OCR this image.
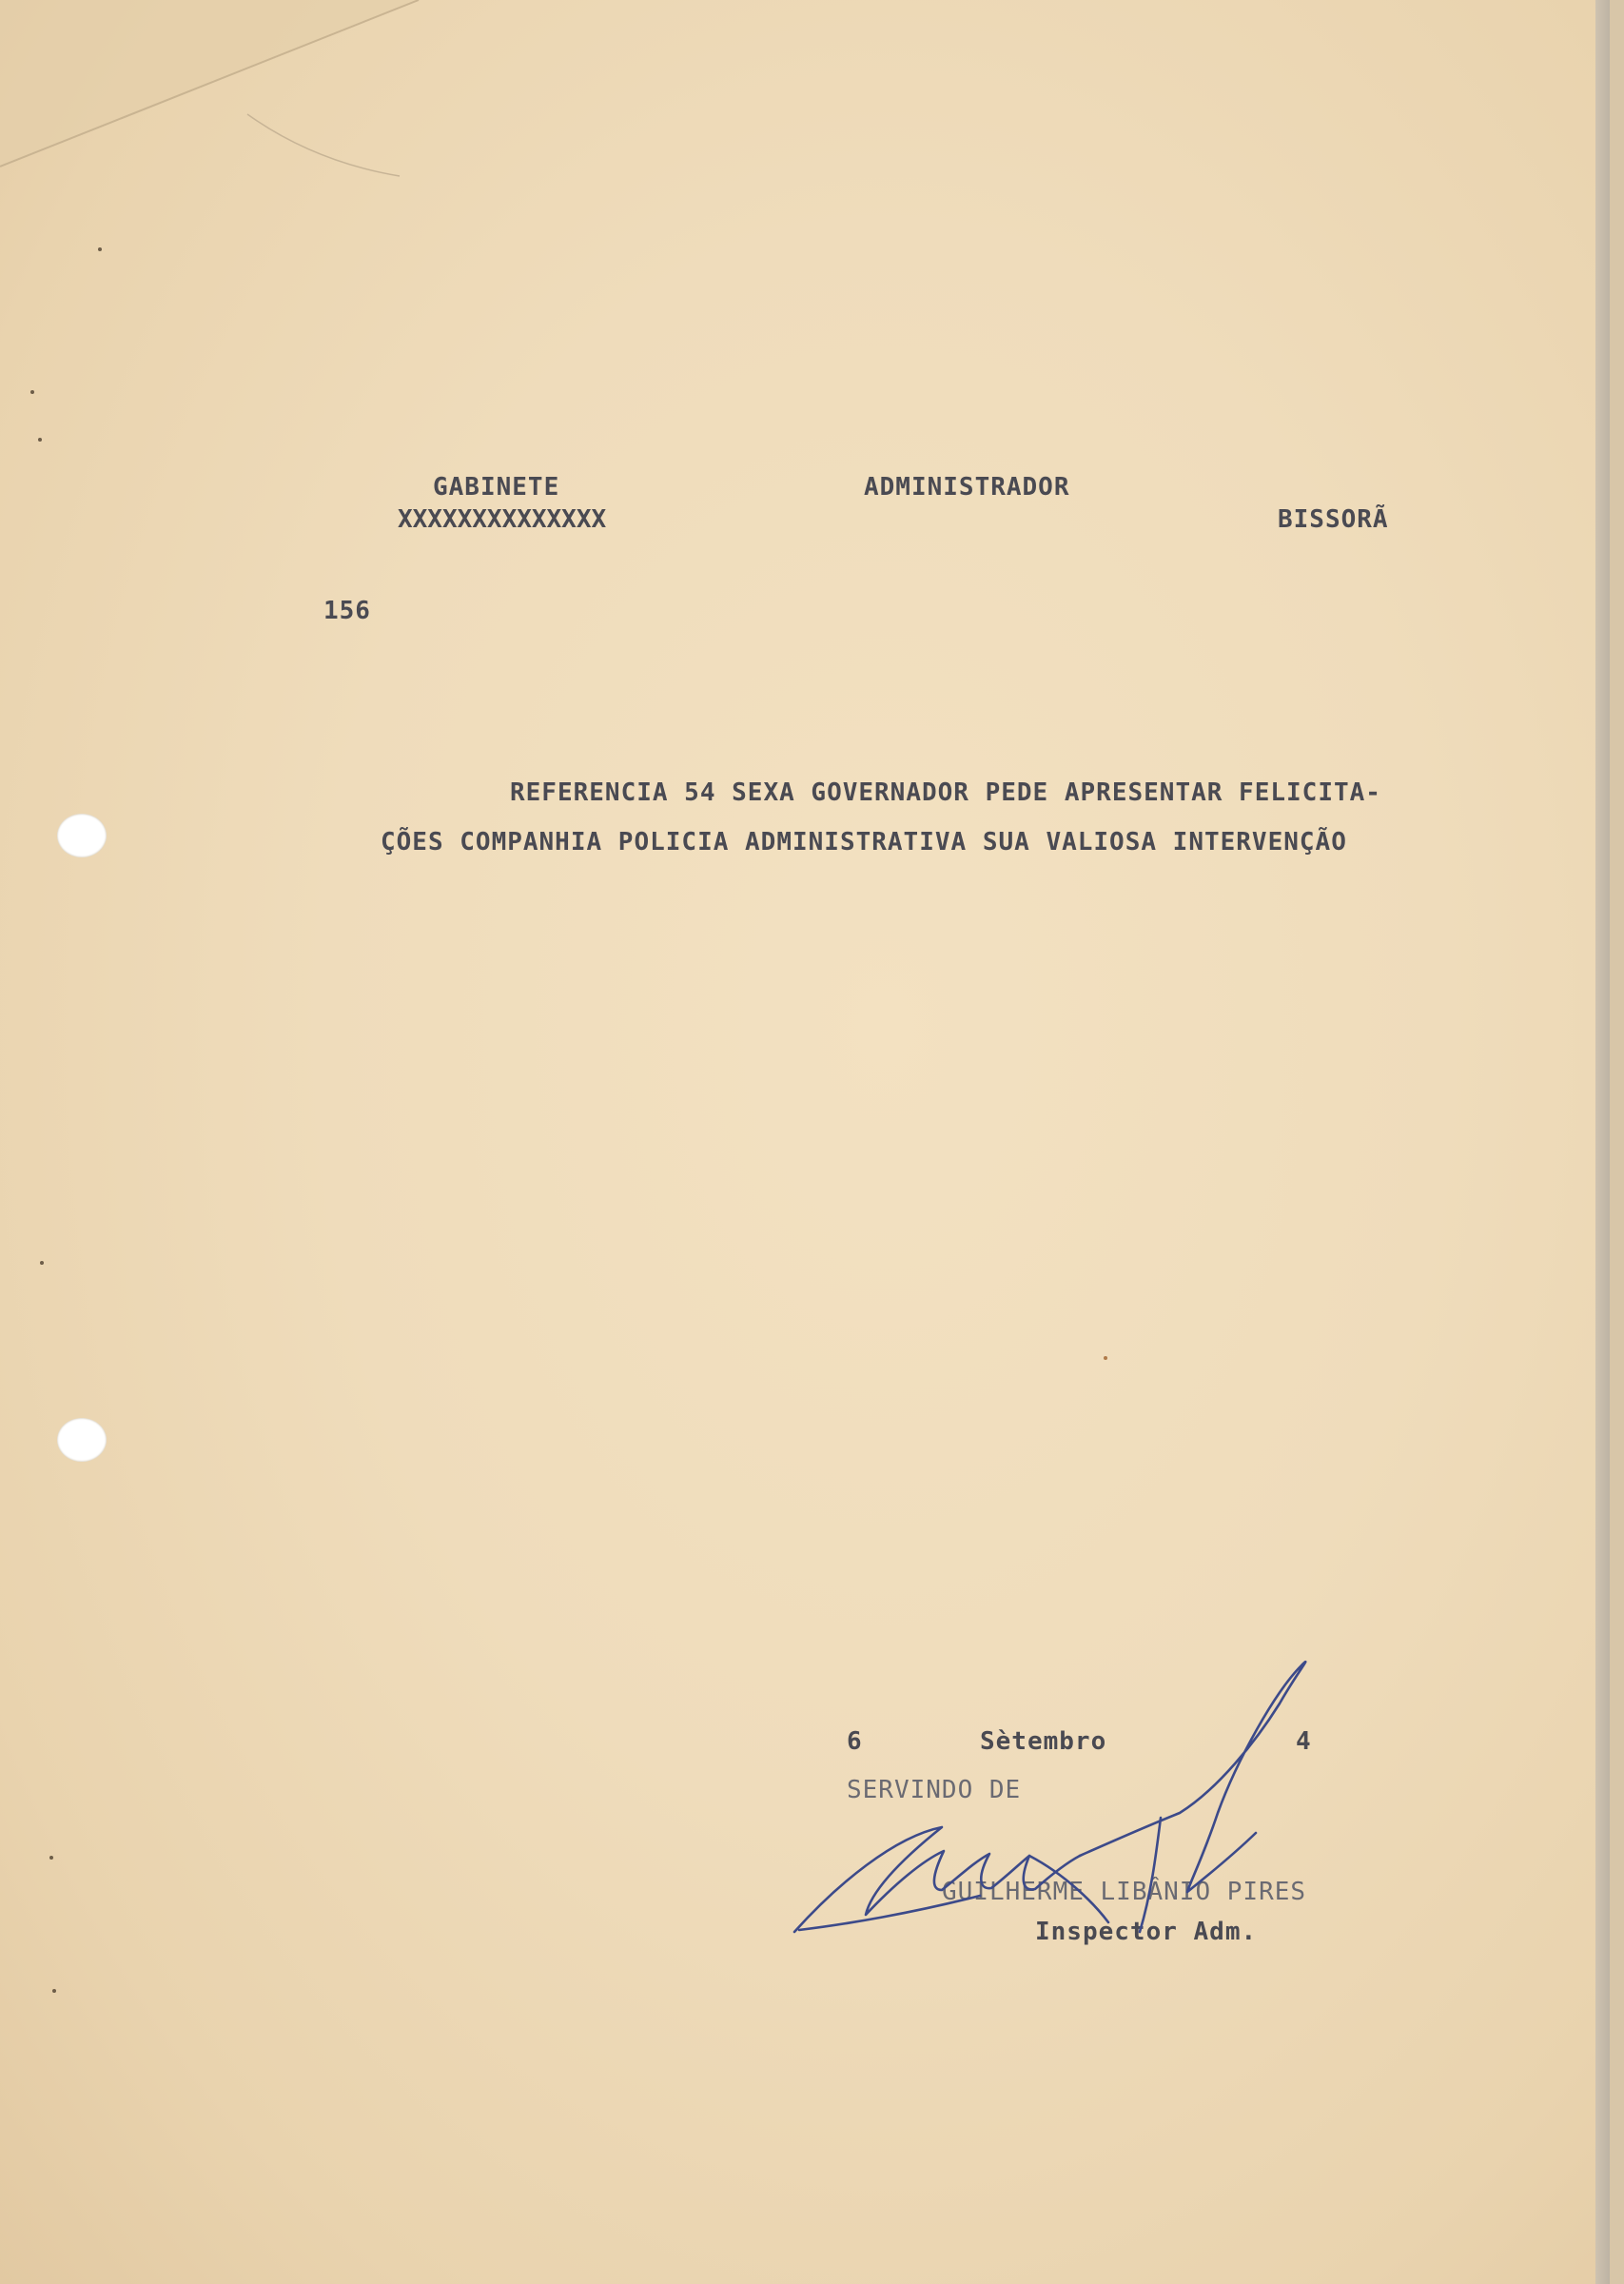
GABINETE

XXXXXXXXXXXXXX

ADMINISTRADOR

BISSORÃ

156

REFERENCIA 54 SEXA GOVERNADOR PEDE APRESENTAR FELICITA-

ÇÕES COMPANHIA POLICIA ADMINISTRATIVA SUA VALIOSA INTERVENÇÃO

6	Sètembro	4

SERVINDO DE

GUILHERME LIBÂNIO PIRES

Inspector Adm.
